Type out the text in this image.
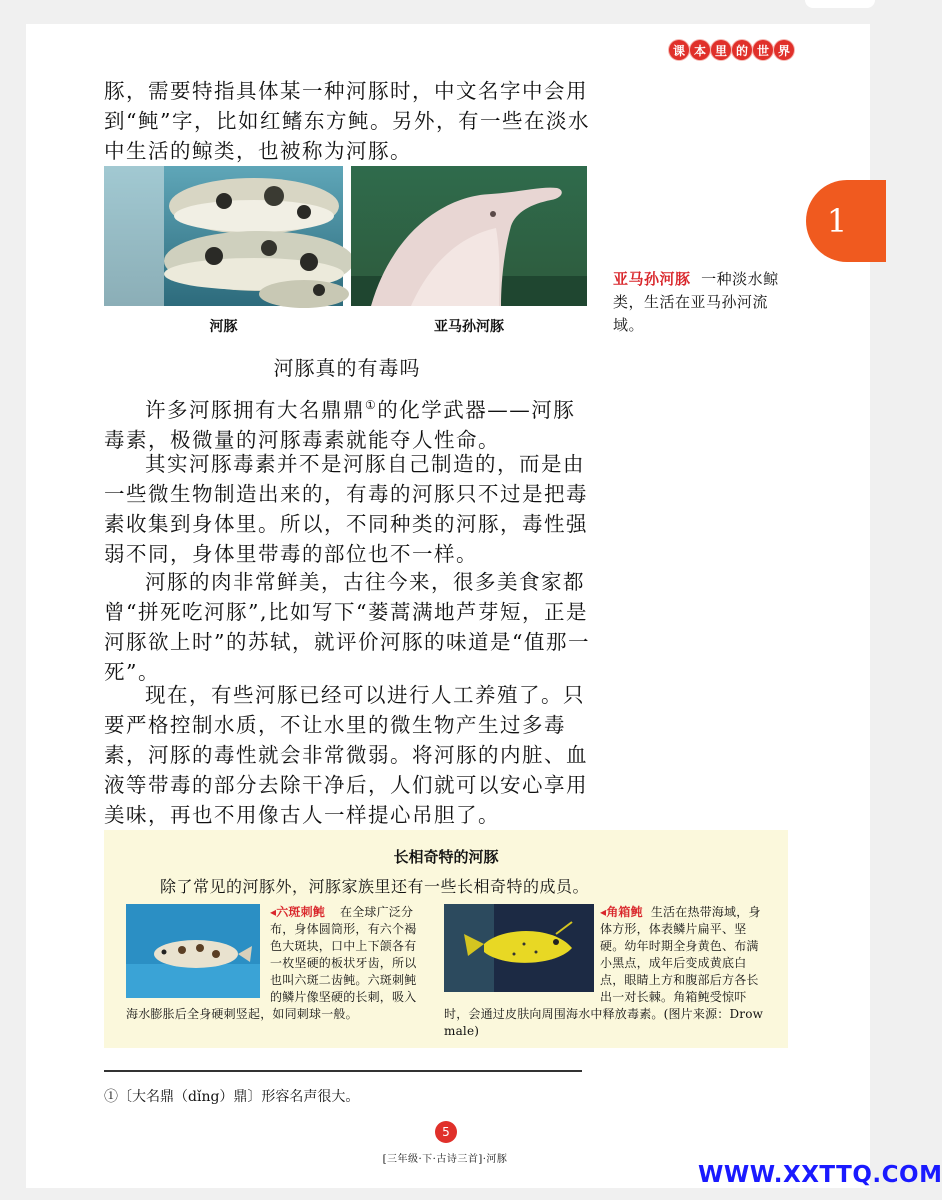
课 本 里 的 世 界
1

豚，需要特指具体某一种河豚时，中文名字中会用到“鲀”字，比如红鳍东方鲀。另外，有一些在淡水中生活的鲸类，也被称为河豚。

河豚	亚马孙河豚
亚马孙河豚 一种淡水鲸类，生活在亚马孙河流域。
河豚真的有毒吗

许多河豚拥有大名鼎鼎①的化学武器——河豚毒素，极微量的河豚毒素就能夺人性命。

其实河豚毒素并不是河豚自己制造的，而是由一些微生物制造出来的，有毒的河豚只不过是把毒素收集到身体里。所以，不同种类的河豚，毒性强弱不同，身体里带毒的部位也不一样。

河豚的肉非常鲜美，古往今来，很多美食家都曾“拼死吃河豚”,比如写下“蒌蒿满地芦芽短，正是河豚欲上时”的苏轼，就评价河豚的味道是“值那一死”。

现在，有些河豚已经可以进行人工养殖了。只要严格控制水质，不让水里的微生物产生过多毒素，河豚的毒性就会非常微弱。将河豚的内脏、血液等带毒的部分去除干净后，人们就可以安心享用美味，再也不用像古人一样提心吊胆了。

长相奇特的河豚
除了常见的河豚外，河豚家族里还有一些长相奇特的成员。
◂六斑刺鲀	在全球广泛分布，身体圆筒形，有六个褐色大斑块，口中上下颌各有一枚坚硬的板状牙齿，所以也叫六斑二齿鲀。六斑刺鲀的鳞片像坚硬的长刺，吸入海水膨胀后全身硬刺竖起，如同刺球一般。
◂角箱鲀 生活在热带海域，身体方形，体表鳞片扁平、坚硬。幼年时期全身黄色、布满小黑点，成年后变成黄底白点，眼睛上方和腹部后方各长出一对长棘。角箱鲀受惊吓时，会通过皮肤向周围海水中释放毒素。(图片来源：Drow male)
①〔大名鼎（dǐng）鼎〕形容名声很大。
5
[三年级·下·古诗三首]·河豚
WWW.XXTTQ.COM
